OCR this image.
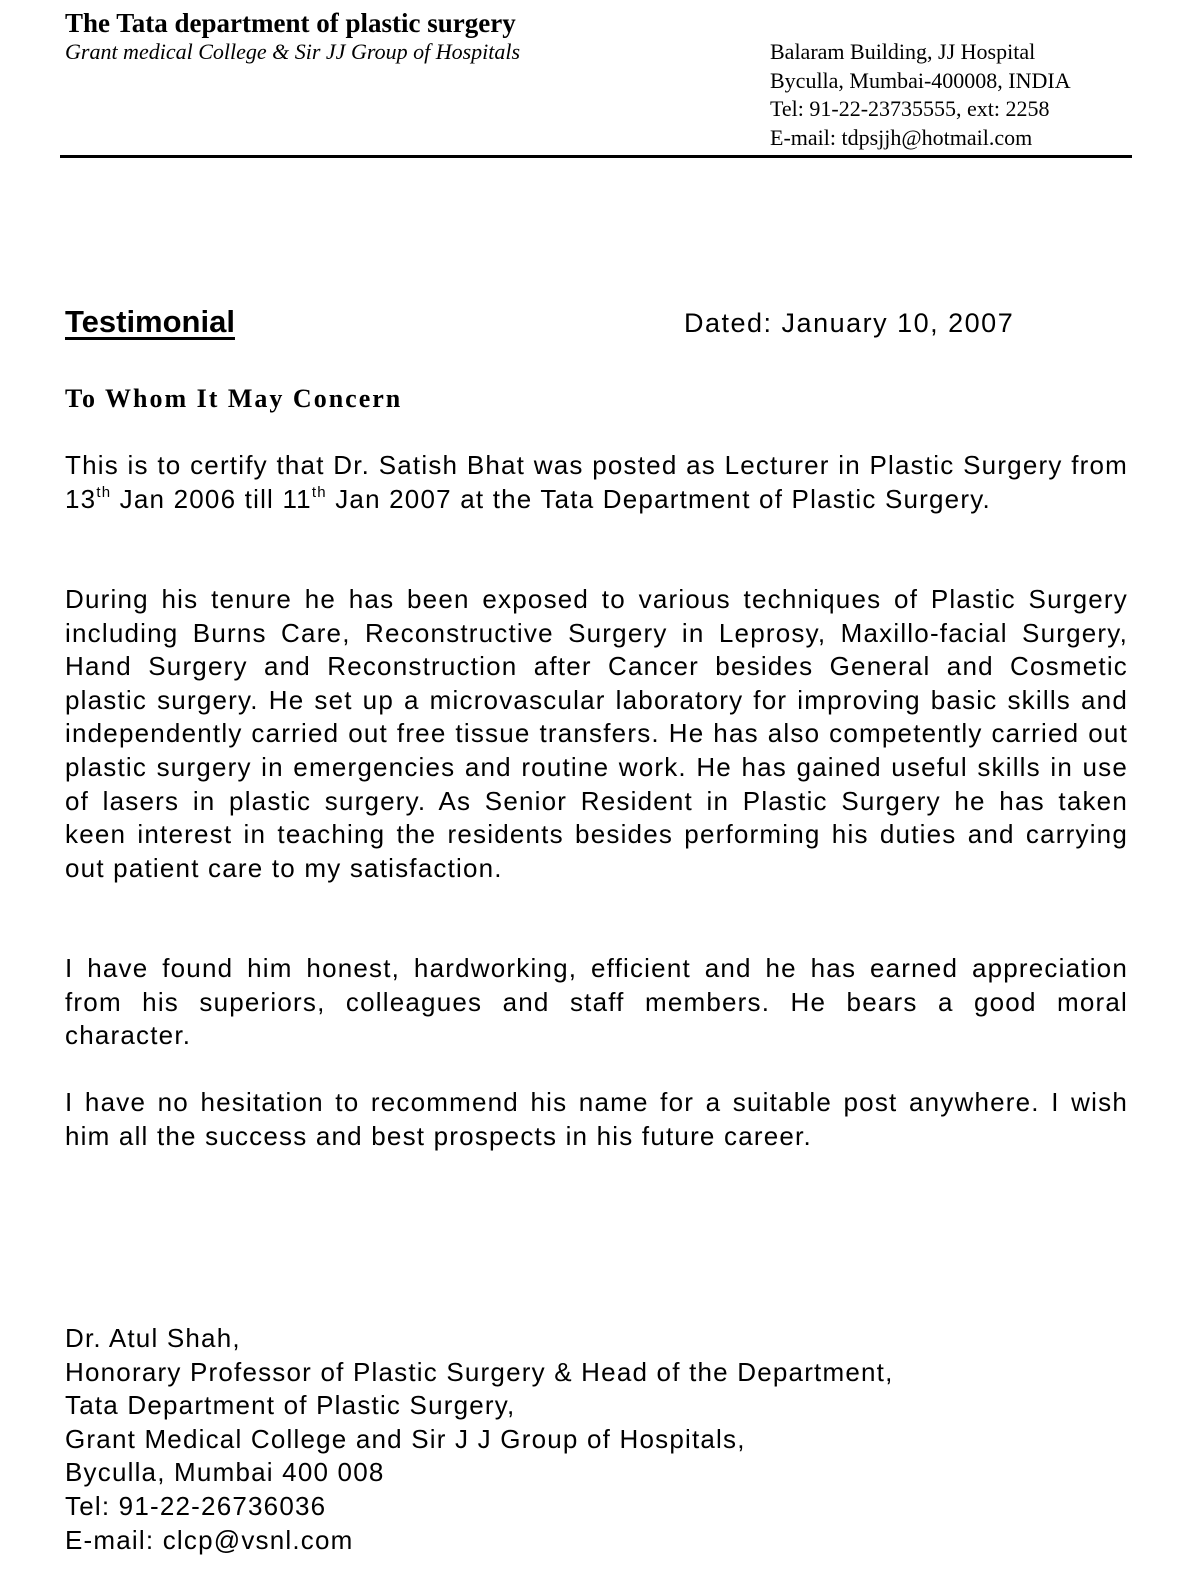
The Tata department of plastic surgery
Grant medical College & Sir JJ Group of Hospitals	Balaram Building, JJ Hospital
Byculla, Mumbai-400008, INDIA
Tel: 91-22-23735555, ext: 2258
E-mail: tdpsjjh@hotmail.com
Testimonial	Dated: January 10, 2007
To Whom It May Concern

This is to certify that Dr. Satish Bhat was posted as Lecturer in Plastic Surgery from 13th Jan 2006 till 11th Jan 2007 at the Tata Department of Plastic Surgery.

During his tenure he has been exposed to various techniques of Plastic Surgery including Burns Care, Reconstructive Surgery in Leprosy, Maxillo-facial Surgery, Hand Surgery and Reconstruction after Cancer besides General and Cosmetic plastic surgery. He set up a microvascular laboratory for improving basic skills and independently carried out free tissue transfers. He has also competently carried out plastic surgery in emergencies and routine work. He has gained useful skills in use of lasers in plastic surgery. As Senior Resident in Plastic Surgery he has taken keen interest in teaching the residents besides performing his duties and carrying out patient care to my satisfaction.

I have found him honest, hardworking, efficient and he has earned appreciation from his superiors, colleagues and staff members. He bears a good moral character.

I have no hesitation to recommend his name for a suitable post anywhere. I wish him all the success and best prospects in his future career.

Dr. Atul Shah,
Honorary Professor of Plastic Surgery & Head of the Department,
Tata Department of Plastic Surgery,
Grant Medical College and Sir J J Group of Hospitals,
Byculla, Mumbai 400 008
Tel: 91-22-26736036
E-mail: clcp@vsnl.com
